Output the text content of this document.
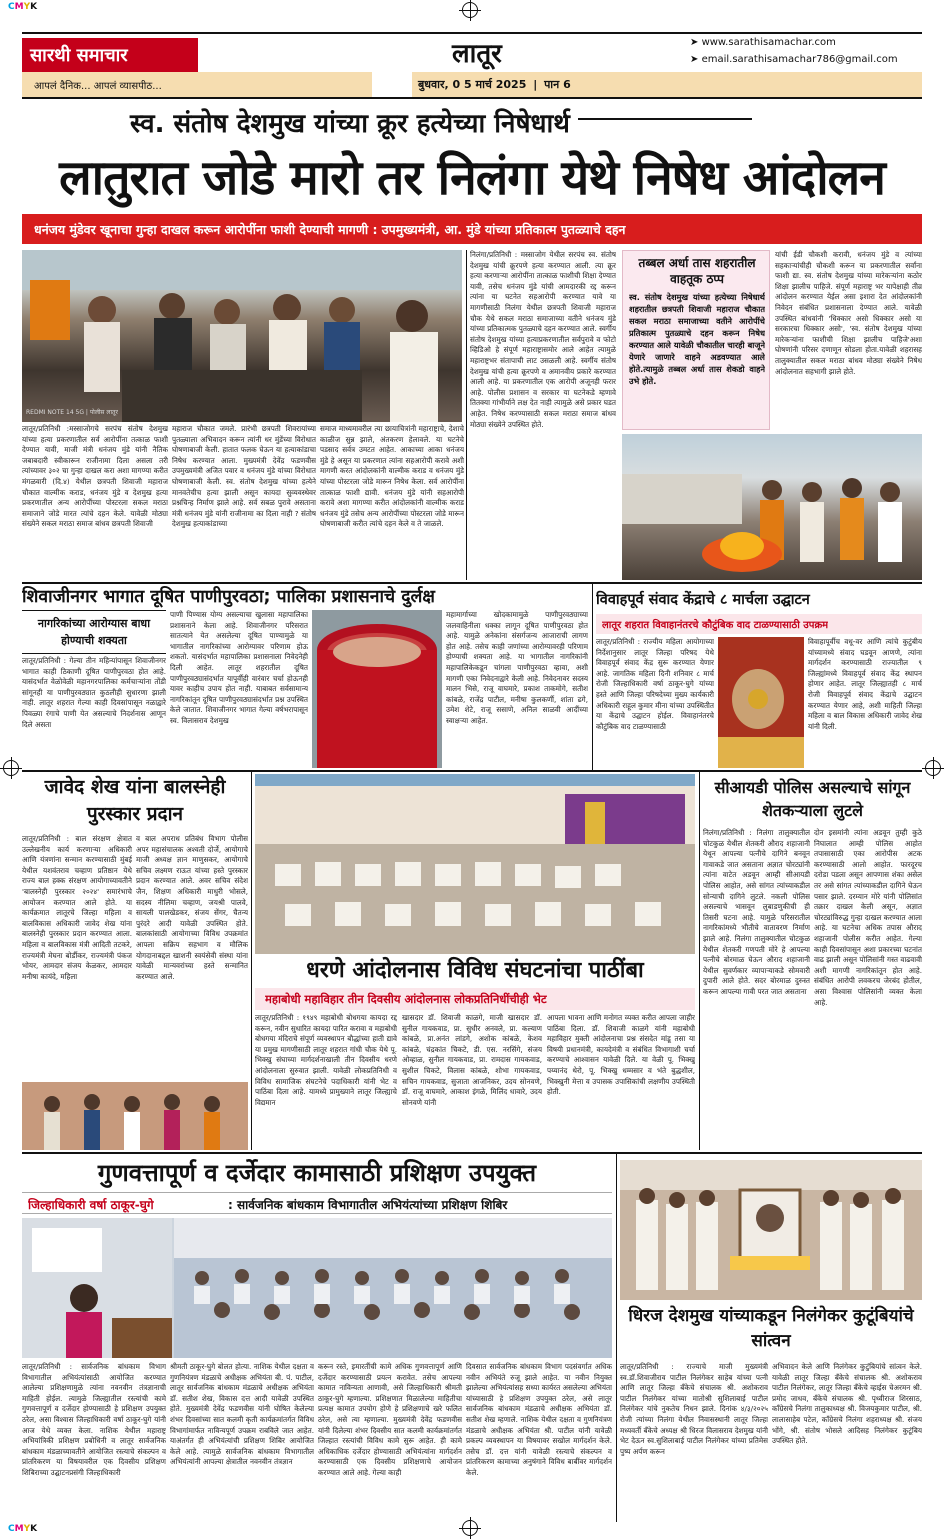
CMYK
CMYK
सारथी समाचार
आपलं दैनिक... आपलं व्यासपीठ...
लातूर
बुधवार, 0 5 मार्च 2025 | पान 6
➤ www.sarathisamachar.com
➤ email.sarathisamachar786@gmail.com
स्व. संतोष देशमुख यांच्या क्रूर हत्येच्या निषेधार्थ
लातुरात जोडे मारो तर निलंगा येथे निषेध आंदोलन
धनंजय मुंडेवर खूनाचा गुन्हा दाखल करून आरोपींना फाशी देण्याची मागणी : उपमुख्यमंत्री, आ. मुंडे यांच्या प्रतिकात्म पुतळ्याचे दहन
REDMI NOTE 14 5G | पोलीस लातूर
लातूर/प्रतिनिधी :मस्साजोगचे सरपंच संतोष देशमुख यांच्या हत्या प्रकरणातील सर्व आरोपींना तत्काळ फाशी देण्यात यावी, माजी मंत्री धनंजय मुंडे यांनी नैतिक जबाबदारी स्वीकारून राजीनामा दिला असला तरी त्यांच्यावर ३०२ चा गुन्हा दाखल करा अशा मागण्या करीत मंगळवारी (दि.४) येथील छत्रपती शिवाजी महाराज चौकात वाल्मीक कराड, धनंजय मुंडे व देशमुख हत्या प्रकरणातील अन्य आरोपींच्या पोस्टरला सकल मराठा समाजाने जोडे मारत त्यांचे दहन केले. यावेळी मोठ्या संख्येने सकल मराठा समाज बांधव छत्रपती शिवाजी
महाराज चौकात जमले. प्रारंभी छत्रपती शिवरायांच्या पुतळ्याला अभिवादन करून त्यांनी धर मुंडेंच्या विरोधात घोषणाबाजी केली. हातात फलक घेऊन या हत्याकांडाचा निषेध करण्यात आला. मुख्यमंत्री देवेंद्र फडणवीस उपमुख्यमंत्री अजित पवार व धनंजय मुंडे यांच्या विरोधात घोषणाबाजी केली. स्व. संतोष देशमुख यांच्या हत्येने मानवतेचीच हत्या झाली असून कायदा सुव्यवस्थेवर प्रश्नचिन्ह निर्माण झाले आहे. सर्व सबळ पुरावे असताना मंत्री धनंजय मुंडे यांनी राजीनामा का दिला नाही ? संतोष देशमुख हत्याकांडाच्या
समाज माध्यमावरील त्या छायाचित्रांनी महाराष्ट्राचे, देशाचे काळीज सुन्न झाले, अंतकरण हेलावले. या घटनेचे पडसाद सर्वत्र उमटत आहेत. आकाच्या आका धनंजय मुंडे हे असून या प्रकरणात त्यांना सहआरोपी करावे अशी मागणी करत आंदोलकांनी वाल्मीक कराड व धनंजय मुंडे यांच्या पोस्टरला जोडे मारून निषेध केला. सर्व आरोपींना तात्काळ फाशी द्यावी. धनंजय मुंडे यांनी सहआरोपी करावे अशा मागण्या करीत आंदोलकांनी वाल्मीक कराड धनंजय मुंडे तसेच अन्य आरोपींच्या पोस्टरला जोडे मारून घोषणाबाजी करीत त्यांचे दहन केले व ते जाळले.
निलंगा/प्रतिनिधी : मस्साजोग येथील सरपंच स्व. संतोष देशमुख यांची क्रूरपणे हत्या करण्यात आली. त्या क्रूर हत्या करणाऱ्या आरोपींना तात्काळ फाशीची शिक्षा देण्यात यावी, तसेच धनंजय मुंडे यांची आमदारकी रद्द करून त्यांना या घटनेत सहआरोपी करण्यात यावे या मागणीसाठी निलंगा येथील छत्रपती शिवाजी महाराज चौक येथे सकल मराठा समाजाच्या वतीने धनंजय मुंडे यांच्या प्रतिकात्मक पुतळ्याचे दहन करण्यात आले. स्वर्गीय संतोष देशमुख यांच्या हत्याप्रकरणातील सर्वपुरावे व फोटो व्हिडिओ हे संपूर्ण महाराष्ट्रासमोर आले आहेत त्यामुळे महाराष्ट्रभर संतापाची लाट उसळली आहे. स्वर्गीय संतोष देशमुख यांची हत्या क्रूरपणे व अमानवीय प्रकारे करण्यात आली आहे. या प्रकरणातील एक आरोपी अजूनही फरार आहे. पोलीस प्रशासन व सरकार या घटनेकडे म्हणावे तितक्या गांभीर्याने लक्ष देत नाही त्यामुळे असे प्रकार घडत आहेत. निषेध करण्यासाठी सकल मराठा समाज बांधव मोठ्या संख्येने उपस्थित होते.
तब्बल अर्धा तास शहरातील वाहतूक ठप्प
स्व. संतोष देशमुख यांच्या हत्येच्या निषेधार्थ शहरातील छत्रपती शिवाजी महाराज चौकात सकल मराठा समाजाच्या वतीने आरोपींचे प्रतिकात्म पुतळ्याचे दहन करून निषेध करण्यात आले यावेळी चौकातील चारही बाजूने येणारे जाणारे वाहने अडवण्यात आले होते.त्यामुळे तब्बल अर्धा तास शेकडो वाहने उभे होते.
यांची ईडी चौकशी करावी, धनंजय मुंडे व त्यांच्या सहकाऱ्यांचीही चौकशी करून या प्रकरणातील सर्वांना फाशी द्या. स्व. संतोष देशमुख यांच्या मारेकऱ्यांना कठोर शिक्षा झालीच पाहिजे. संपूर्ण महाराष्ट्र भर यापेक्षाही तीव्र आंदोलन करण्यात येईल असा इशारा देत आंदोलकांनी निवेदन संबंधित प्रशासनाला देण्यात आले. यावेळी उपस्थित बांधवांनी 'धिक्कार असो धिक्कार असो या सरकारचा धिक्कार असो', 'स्व. संतोष देशमुख यांच्या मारेकऱ्यांना फाशीची शिक्षा झालीच पाहिजे'अशा घोषणांनी परिसर दणाणून सोडला होता.यावेळी शहरासह तालुक्यातील सकल मराठा बांधव मोठ्या संख्येने निषेध आंदोलनात सहभागी झाले होते.
शिवाजीनगर भागात दूषित पाणीपुरवठा; पालिका प्रशासनाचे दुर्लक्ष
नागरिकांच्या आरोग्यास बाधा होण्याची शक्यता
लातूर/प्रतिनिधी : गेल्या तीन महिन्यांपासून शिवाजीनगर भागात काही ठिकाणी दूषित पाणीपुरवठा होत आहे. यासंदर्भात वेळोवेळी महानगरपालिका कर्मचाऱ्यांना तोंडी सांगूनही या पाणीपुरवठ्यात कुठलीही सुधारणा झाली नाही. लातूर शहरात गेल्या काही दिवसांपासून नळाद्वारे पिवळ्या रंगाचे पाणी येत असल्याचे निदर्शनास आणून दिले असता
पाणी पिण्यास योग्य असल्याचा खुलासा महापालिका प्रशासनाने केला आहे. शिवाजीनगर परिसरात सातत्याने येत असलेल्या दूषित पाण्यामुळे या भागातील नागरिकांच्या आरोग्यावर परिणाम होऊ शकतो. यासंदर्भात महापालिका प्रशासनाला निवेदनेही दिली आहेत. लातूर शहरातील दूषित पाणीपुरवठ्यासंदर्भात यापूर्वीही वारंवार चर्चा होऊनही यावर काहीच उपाय होत नाही. याबाबत सर्वसामान्य नागरिकांतून दूषित पाणीपुरवठ्यासंदर्भात प्रश्न उपस्थित केले जातात. शिवाजीनगर भागात गेल्या वर्षभरापासून स्व. विलासराव देशमुख
महामार्गाच्या खोदकामामुळे पाणीपुरवठ्याच्या जलवाहिनीला धक्का लागून दूषित पाणीपुरवठा होत आहे. यामुळे अनेकांना संसर्गजन्य आजाराची लागण होत आहे. तसेच काही जणांच्या आरोग्यावरही परिणाम होण्याची शक्यता आहे. या भागातील नागरिकांनी महापालिकेकडून चांगला पाणीपुरवठा व्हावा, अशी मागणी एका निवेदनाद्वारे केली आहे. निवेदनावर सदस्य मालन भिसे, राजू वाघमारे, प्रकाश ताकमोगे, सतीश कांबळे, राजेंद्र पाटील, मनीषा कुलकर्णी, शांता ढगे, उमेश शेटे, राजू ससाणे, अनिल साळवी आदींच्या स्वाक्षऱ्या आहेत.
विवाहपूर्व संवाद केंद्राचे ८ मार्चला उद्घाटन
लातूर शहरात विवाहानंतरचे कौटुंबिक वाद टाळण्यासाठी उपक्रम
लातूर/प्रतिनिधी : राज्यीय महिला आयोगाच्या निर्देशानुसार लातूर जिल्हा परिषद येथे विवाहपूर्व संवाद केंद्र सुरू करण्यात येणार आहे. जागतिक महिला दिनी शनिवार ८ मार्च रोजी जिल्हाधिकारी वर्षा ठाकूर-घुगे यांच्या हस्ते आणि जिल्हा परिषदेच्या मुख्य कार्यकारी अधिकारी राहूल कुमार मीना यांच्या उपस्थितीत या केंद्राचे उद्घाटन होईल. विवाहानंतरचे कौटुंबिक वाद टाळण्यासाठी
विवाहापूर्वीच वधू-वर आणि त्यांचे कुटुंबीय यांच्यामध्ये संवाद घडवून आणणे, त्यांना मार्गदर्शन करण्यासाठी राज्यातील ९ जिल्ह्यांमध्ये विवाहपूर्व संवाद केंद्र स्थापन होणार आहेत. लातूर जिल्ह्यातही ८ मार्च रोजी विवाहपूर्व संवाद केंद्राचे उद्घाटन करण्यात येणार आहे, अशी माहिती जिल्हा महिला व बाल विकास अधिकारी जावेद शेख यांनी दिली.
जावेद शेख यांना बालस्नेही पुरस्कार प्रदान
लातूर/प्रतिनिधी : बाल संरक्षण क्षेत्रात उल्लेखनीय कार्य करणाऱ्या अधिकारी आणि यंत्रणांना सन्मान करण्यासाठी मुंबई येथील यशवंतराव चव्हाण प्रतिष्ठान येथे राज्य बाल हक्क संरक्षण आयोगाच्यावतीने 'बालस्नेही पुरस्कार २०२४' समारंभाचे आयोजन करण्यात आले होते. या कार्यक्रमात लातूरचे जिल्हा महिला व बालविकास अधिकारी जावेद शेख यांना बालस्नेही पुरस्कार प्रदान करण्यात आला. महिला व बालविकास मंत्री आदिती तटकरे, राज्यमंत्री मेघना बोर्डीकर, राज्यमंत्री पंकज भोयर, आमदार संजय केळकर, आमदार मनीषा कायंदे, महिला
व बाल अपराध प्रतिबंध विभाग पोलीस अपर महासंचालक अश्वती दोर्जे, आयोगाचे माजी अध्यक्ष ज्ञान माणुसकर, आयोगाचे सचिव लक्ष्मण राऊत यांच्या हस्ते पुरस्कार प्रदान करण्यात आले. अवर सचिव संदेश जैन, शिक्षण अधिकारी माधुरी भोसले, सदस्य नीलिमा चव्हाण, जयश्री पालवे, सायली पालखेडकर, संजय सेंगर, चैतन्य पुरंदरे आदी यावेळी उपस्थित होते. बालकांसाठी आयोगाच्या विविध उपक्रमांत आपला सक्रिय सहभाग व मौलिक योगदानाबद्दल खाशनी स्वयंसेवी संस्था यांना यावेळी मान्यवरांच्या हस्ते सन्मानित करण्यात आले.	धरणे आंदोलनास विविध संघटनांचा पाठींबा
महाबोधी महाविहार तीन दिवसीय आंदोलनास लोकप्रतिनिधींचीही भेट
लातूर/प्रतिनिधी : १९४९ महाबोधी बोधगया कायदा रद्द करून, नवीन सुधारित कायदा पारित करावा व महाबोधी बोधगया मंदिराचे संपूर्ण व्यवस्थापन बौद्धांच्या हाती द्यावे या प्रमुख मागणीसाठी लातूर शहरात गांधी चौक येथे पू. भिक्खु संघाच्या मार्गदर्शनाखाली तीन दिवसीय धरणे आंदोलनाला सुरुवात झाली. यावेळी लोकप्रतिनिधी व विविध सामाजिक संघटनेचे पदाधिकारी यांनी भेट व पाठिंबा दिला आहे. यामध्ये प्रामुख्याने लातूर जिल्ह्याचे विद्यमान
खासदार डॉ. शिवाजी काळगे, माजी खासदार डॉ. सुनील गायकवाड, प्रा. सुधीर अनवले, प्रा. कल्याण कांबळे, प्रा.अनंत लांडगे, अशोक कांबळे, केशव कांबळे, चंद्रकांत चिकटे, डी. एस. नरसिंगे, संजय ओव्हाळ, सुनील गायकवाड, प्रा. रामदास गायकवाड, सुशील चिकटे, विलास कांबळे, शोभा गायकवाड, सचिन गायकवाड, सुजाता आजनिकर, उदय सोनवणे, डॉ. राजू वाघमारे, आकाश इंगळे, मिलिंद धावारे, उदय सोनवणे यांनी
आपला भावना आणि मनोगत व्यक्त करीत आपला जाहीर पाठिंबा दिला. डॉ. शिवाजी काळगे यांनी महाबोधी महाविहार मुक्ती आंदोलनाचा प्रश्न संसदेत मांडू तसा या विषयी प्रधानमंत्री, कायदेमंत्री व संबंधित विभागाशी चर्चा करण्याचे आश्वासन यावेळी दिले. या वेळी पू. भिक्खु पय्यानंद थेरो, पू. भिक्खु धम्मसार व भंते बुद्धशील, भिक्खुनी मेत्ता व उपासक उपासिकांची लक्षणीय उपस्थिती होती.
सीआयडी पोलिस असल्याचे सांगून शेतकऱ्याला लुटले
निलंगा/प्रतिनिधी : निलंगा तालुक्यातील चोटकुळ येथील शेतकरी औराद शहाजानी येथून आपल्या पत्नीचे दागिने बनवून गावाकडे जात असताना अज्ञात चोरट्यांनी त्यांना वाटेत अडवून आम्ही सीआयडी पोलिस आहोत, असे सांगत त्यांच्याकडील सोन्याची दागिने लुटले. नकली पोलिस असल्याचे भासवून लुबाडणुकीची ही तिसरी घटना आहे. यामुळे परिसरातील नागरिकांमध्ये भीतीचे वातावरण निर्माण झाले आहे. निलंगा तालुक्यातील चोटकुळ येथील शेतकरी गणपती मोरे हे आपल्या पत्नीचे बोरमाळ घेऊन औराद शहाजानी येथील सुवर्णकार व्यापाऱ्याकडे सोमवारी दुपारी आले होते. सदर बोरमाळ दुरुस्त करून आपल्या गावी परत जात असताना
दोन इसमांनी त्यांना अडवून तुम्ही कुठे निघालात आम्ही पोलिस आहोत तपासासाठी एका आरोपीस अटक करण्यासाठी आलो आहोत. फारदूरच दरोडा पडला असून आपणास शंका असेल तर असे सांगत त्यांच्याकडील दागिने घेऊन पसार झाले. दरम्यान मोरे यांनी पोलिसांत तक्रार दाखल केली असून, अज्ञात चोरट्यांविरुद्ध गुन्हा दाखल करण्यात आला आहे. या घटनेचा अधिक तपास औराद शहाजानी पोलीस करीत आहेत. गेल्या काही दिवसांपासून अशा प्रकारच्या घटनांत वाढ झाली असून पोलिसांनी गस्त वाढवावी अशी मागणी नागरिकांतून होत आहे. संबंधित आरोपी लवकरच जेरबंद होतील, असा विश्वास पोलिसांनी व्यक्त केला आहे.
गुणवत्तापूर्ण व दर्जेदार कामासाठी प्रशिक्षण उपयुक्त
जिल्हाधिकारी वर्षा ठाकूर-घुगे	: सार्वजनिक बांधकाम विभागातील अभियंत्यांच्या प्रशिक्षण शिबिर
लातूर/प्रतिनिधी : सार्वजनिक बांधकाम विभाग विभागातील अभियंत्यांसाठी आयोजित करण्यात आलेल्या प्रशिक्षणामुळे त्यांना नवनवीन तंत्रज्ञानाची माहिती होईल. त्यामुळे जिल्ह्यातील रस्त्यांची कामे गुणवत्तापूर्ण व दर्जेदार होण्यासाठी हे प्रशिक्षण उपयुक्त ठरेल, असा विश्वास जिल्हाधिकारी वर्षा ठाकूर-घुगे यांनी आज येथे व्यक्त केला. नाशिक येथील महाराष्ट्र अभियांत्रिकी प्रशिक्षण प्रबोधिनी व लातूर सार्वजनिक बांधकाम मंडळाच्यावतीने आयोजित रस्त्याचे संकल्पन व प्रांतरिकरण या विषयावरील एक दिवसीय प्रशिक्षण शिबिराच्या उद्घाटनप्रसंगी जिल्हाधिकारी
श्रीमती ठाकूर-घुगे बोलत होत्या. नाशिक येथील दक्षता व गुणनियंत्रण मंडळाचे अधीक्षक अभियंता बी. पं. पाटील, लातूर सार्वजनिक बांधकाम मंडळाचे अधीक्षक अभियंता डॉ. सतीश शेख, विकास दत्त आदी यावेळी उपस्थित होते. मुख्यमंत्री देवेंद्र फडणवीस यांनी घोषित केलेल्या शंभर दिवसांच्या सात कलमी कृती कार्यक्रमांतर्गत विविध विभागांमार्फत नाविन्यपूर्ण उपक्रम राबविले जात आहेत. याअंतर्गत ही अभियंत्यांची प्रशिक्षण शिबिर आयोजित केले आहे. त्यामुळे सार्वजनिक बांधकाम विभागातील अभियंत्यांनी आपल्या क्षेत्रातील नवनवीन तंत्रज्ञान
करून रस्ते, इमारतींची कामे अधिक गुणवत्तापूर्ण आणि दर्जेदार करण्यासाठी प्रयत्न करावेत. तसेच आपल्या कामात नाविन्यता आणावी, असे जिल्हाधिकारी श्रीमती ठाकूर-घुगे म्हणाल्या. प्रशिक्षणात मिळालेल्या माहितीचा प्रत्यक्ष कामात उपयोग होणे हे प्रशिक्षणाचे खरे फलित ठरेल, असे त्या म्हणाल्या. मुख्यमंत्री देवेंद्र फडणवीस यांनी दिलेल्या शंभर दिवसीय सात कलमी कार्यक्रमांतर्गत जिल्हात रस्त्यांची विविध कामे सुरू आहेत. ही कामे अधिकाधिक दर्जेदार होण्यासाठी अभियंत्यांना मार्गदर्शन करण्यासाठी एक दिवसीय प्रशिक्षणाचे आयोजन करण्यात आले आहे. गेल्या काही
दिवसात सार्वजनिक बांधकाम विभाग पदसंवर्गात अधिक नवीन अभियंते रुजू झाले आहेत. या नवीन नियुक्त झालेल्या अभियंत्यांसह सध्या कार्यरत असलेल्या अभियंता यांच्यासाठी हे प्रशिक्षण उपयुक्त ठरेल, असे लातूर सार्वजनिक बांधकाम मंडळाचे अधीक्षक अभियंता डॉ. सतीश शेख म्हणाले. नाशिक येथील दक्षता व गुणनियंत्रण मंडळाचे अधीक्षक अभियंता श्री. पाटील यांनी यावेळी प्रकल्प व्यवस्थापन या विषयावर सखोल मार्गदर्शन केले. तसेच डॉ. दत्त यांनी यावेळी रस्त्याचे संकल्पन व प्रांतरिकरण कामाच्या अनुषंगाने विविध बाबींवर मार्गदर्शन केले.
धिरज देशमुख यांच्याकडून निलंगेकर कुटूंबियांचे सांत्वन
लातूर/प्रतिनिधी : राज्याचे माजी मुख्यमंत्री स्व.डॉ.शिवाजीराव पाटील निलंगेकर साहेब यांच्या पत्नी आणि लातूर जिल्हा बँकेचे संचालक श्री. अशोकराव पाटील निलंगेकर यांच्या मातोश्री सुशिलाबाई पाटील निलंगेकर यांचे नुकतेच निधन झाले. दिनांक ४/३/२०२५ रोजी त्यांच्या निलंगा येथील निवासस्थानी लातूर जिल्हा मध्यवर्ती बँकेचे अध्यक्ष श्री धिरज विलासराव देशमुख यांनी भेट देऊन स्व.सुशिलाबाई पाटील निलंगेकर यांच्या प्रतिमेस पुष्प अर्पण करून
अभिवादन केले आणि निलंगेकर कुटुंबियांचे सांत्वन केले. यावेळी लातूर जिल्हा बँकेचे संचालक श्री. अशोकराव पाटील निलंगेकर, लातूर जिल्हा बँकेचे व्हाईस चेअरमन श्री. प्रमोद जाधव, बँकेचे संचालक श्री. पृथ्वीराज शिरसाठ, काँग्रेसचे निलंगा तालुकाध्यक्ष श्री. विजयकुमार पाटील, श्री. लालासाहेब पटेल, काँग्रेसचे निलंगा शहराध्यक्ष श्री. संजय भोंगे, श्री. संतोष भोसले आदिसह निलंगेकर कुटूंबिय उपस्थित होते.
